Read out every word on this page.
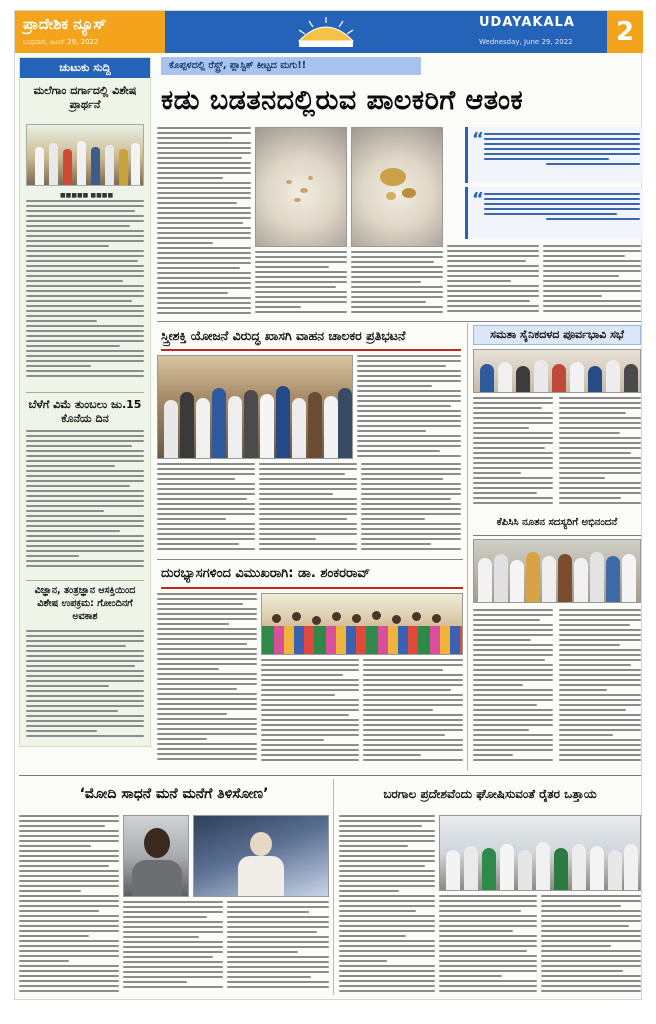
ಪ್ರಾದೇಶಿಕ ನ್ಯೂಸ್
ಬುಧವಾರ, ಜೂನ್ 29, 2022
UDAYAKALA
Wednesday, June 29, 2022	2
ಚುಟುಕು ಸುದ್ದಿ
ಮಲೆಗಾಂ ದರ್ಗಾದಲ್ಲಿ ವಿಶೇಷ ಪ್ರಾರ್ಥನೆ
■■■■■ ■■■■
ಬೆಳೆಗೆ ವಿಮೆ ತುಂಬಲು ಜು.15 ಕೊನೆಯ ದಿನ
ವಿಜ್ಞಾನ, ತಂತ್ರಜ್ಞಾನ ಆಸಕ್ತಿಯಿಂದ ವಿಶೇಷ ಉಪಕ್ರಮ: ಗೋಂದಿನಗೆ ಅವಕಾಶ
ಕೊಪ್ಪಳದಲ್ಲಿ ರೆಸ್ಟ್ರ್, ಪ್ಲಾಸ್ಟಿಕ್ ಕೀಟ್ಟದ ಮಗು!!
ಕಡು ಬಡತನದಲ್ಲಿರುವ ಪಾಲಕರಿಗೆ ಆತಂಕ
“
“
ಸ್ತ್ರೀಶಕ್ತಿ ಯೋಜನೆ ವಿರುದ್ಧ ಖಾಸಗಿ ವಾಹನ ಚಾಲಕರ ಪ್ರತಿಭಟನೆ	ಸಮತಾ ಸೈನಿಕದಳದ ಪೂರ್ವಭಾವಿ ಸಭೆ
ಕೆಪಿಸಿಸಿ ನೂತನ ಸದಸ್ಯರಿಗೆ ಅಭಿನಂದನೆ
ದುರಭ್ಯಾಸಗಳಿಂದ ವಿಮುಖರಾಗಿ: ಡಾ. ಶಂಕರರಾವ್
‘ಮೋದಿ ಸಾಧನೆ ಮನೆ ಮನೆಗೆ ತಿಳಿಸೋಣ’	ಬರಗಾಲ ಪ್ರದೇಶವೆಂದು ಘೋಷಿಸುವಂತೆ ರೈತರ ಒತ್ತಾಯ
